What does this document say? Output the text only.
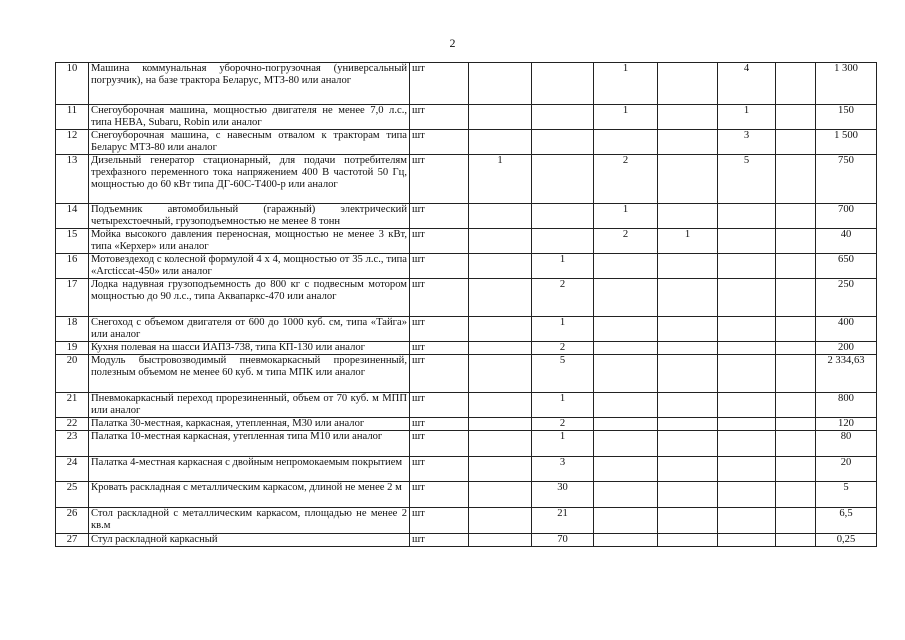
2
10	Машина коммунальная уборочно-погрузочная (универсальный погрузчик), на базе трактора Беларус, МТЗ-80 или аналог	шт			1		4		1 300
11	Снегоуборочная машина, мощностью двигателя не менее 7,0 л.с., типа HEBA, Subaru, Robin или аналог	шт			1		1		150
12	Снегоуборочная машина, с навесным отвалом к тракторам типа Беларус МТЗ-80 или аналог	шт					3		1 500
13	Дизельный генератор стационарный, для подачи потребителям трехфазного переменного тока напряжением 400 В частотой 50 Гц, мощностью до 60 кВт типа ДГ-60С-Т400-р или аналог	шт	1		2		5		750
14	Подъемник автомобильный (гаражный) электрический четырехстоечный, грузоподъемностью не менее 8 тонн	шт			1				700
15	Мойка высокого давления переносная, мощностью не менее 3 кВт, типа «Керхер» или аналог	шт			2	1			40
16	Мотовездеход с колесной формулой 4 х 4, мощностью от 35 л.с., типа «Arcticcat-450» или аналог	шт		1					650
17	Лодка надувная грузоподъемность до 800 кг с подвесным мотором мощностью до 90 л.с., типа Аквапаркс-470 или аналог	шт		2					250
18	Снегоход с объемом двигателя от 600 до 1000 куб. см, типа «Тайга» или аналог	шт		1					400
19	Кухня полевая на шасси ИАПЗ-738, типа КП-130 или аналог	шт		2					200
20	Модуль быстровозводимый пневмокаркасный прорезиненный, полезным объемом не менее 60 куб. м типа МПК или аналог	шт		5					2 334,63
21	Пневмокаркасный переход прорезиненный, объем от 70 куб. м МПП или аналог	шт		1					800
22	Палатка 30-местная, каркасная, утепленная, М30 или аналог	шт		2					120
23	Палатка 10-местная каркасная, утепленная типа М10 или аналог	шт		1					80
24	Палатка 4-местная каркасная с двойным непромокаемым покрытием	шт		3					20
25	Кровать раскладная с металлическим каркасом, длиной не менее 2 м	шт		30					5
26	Стол раскладной с металлическим каркасом, площадью не менее 2 кв.м	шт		21					6,5
27	Стул раскладной каркасный	шт		70					0,25
